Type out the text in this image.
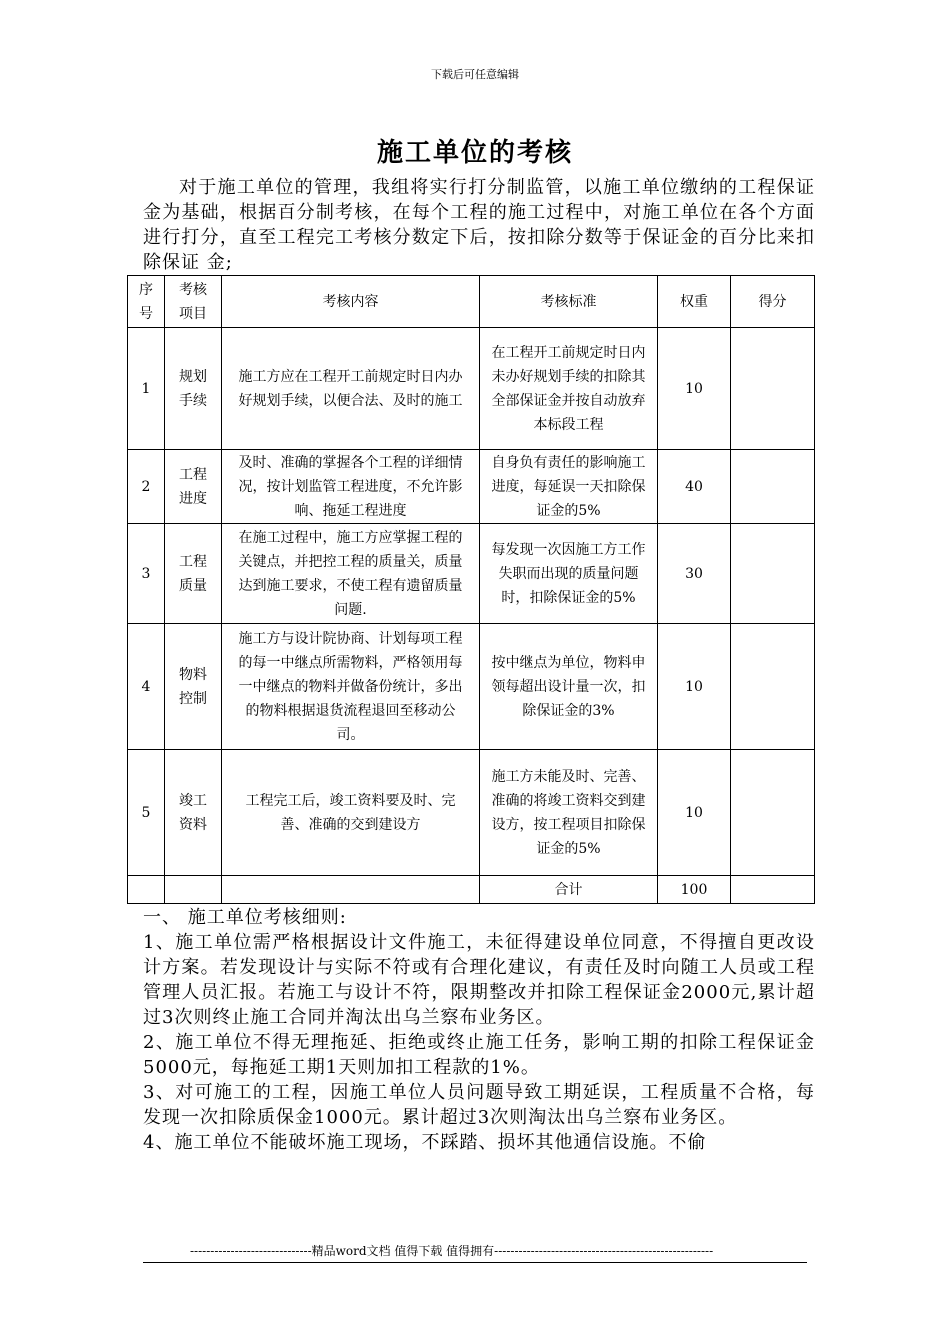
下载后可任意编辑
施工单位的考核

对于施工单位的管理，我组将实行打分制监管，以施工单位缴纳的工程保证金为基础，根据百分制考核，在每个工程的施工过程中，对施工单位在各个方面进行打分，直至工程完工考核分数定下后，按扣除分数等于保证金的百分比来扣除保证 金;

序号	考核项目	考核内容	考核标准	权重	得分
1	规划手续	施工方应在工程开工前规定时日内办好规划手续，以便合法、及时的施工	在工程开工前规定时日内未办好规划手续的扣除其全部保证金并按自动放弃本标段工程	10	
2	工程进度	及时、准确的掌握各个工程的详细情况，按计划监管工程进度，不允许影响、拖延工程进度	自身负有责任的影响施工进度，每延误一天扣除保证金的5%	40	
3	工程质量	在施工过程中，施工方应掌握工程的关键点，并把控工程的质量关，质量达到施工要求，不使工程有遗留质量问题.	每发现一次因施工方工作失职而出现的质量问题时，扣除保证金的5%	30	
4	物料控制	施工方与设计院协商、计划每项工程的每一中继点所需物料，严格领用每一中继点的物料并做备份统计，多出的物料根据退货流程退回至移动公司。	按中继点为单位，物料申领每超出设计量一次，扣除保证金的3%	10	
5	竣工资料	工程完工后，竣工资料要及时、完善、准确的交到建设方	施工方未能及时、完善、准确的将竣工资料交到建设方，按工程项目扣除保证金的5%	10	
			合计	100	

一、 施工单位考核细则:

1、施工单位需严格根据设计文件施工，未征得建设单位同意，不得擅自更改设计方案。若发现设计与实际不符或有合理化建议，有责任及时向随工人员或工程管理人员汇报。若施工与设计不符，限期整改并扣除工程保证金2000元,累计超过3次则终止施工合同并淘汰出乌兰察布业务区。

2、施工单位不得无理拖延、拒绝或终止施工任务，影响工期的扣除工程保证金5000元，每拖延工期1天则加扣工程款的1%。

3、对可施工的工程，因施工单位人员问题导致工期延误，工程质量不合格，每发现一次扣除质保金1000元。累计超过3次则淘汰出乌兰察布业务区。

4、施工单位不能破坏施工现场，不踩踏、损坏其他通信设施。不偷

------------------------------精品word文档 值得下载 值得拥有------------------------------------------------------
